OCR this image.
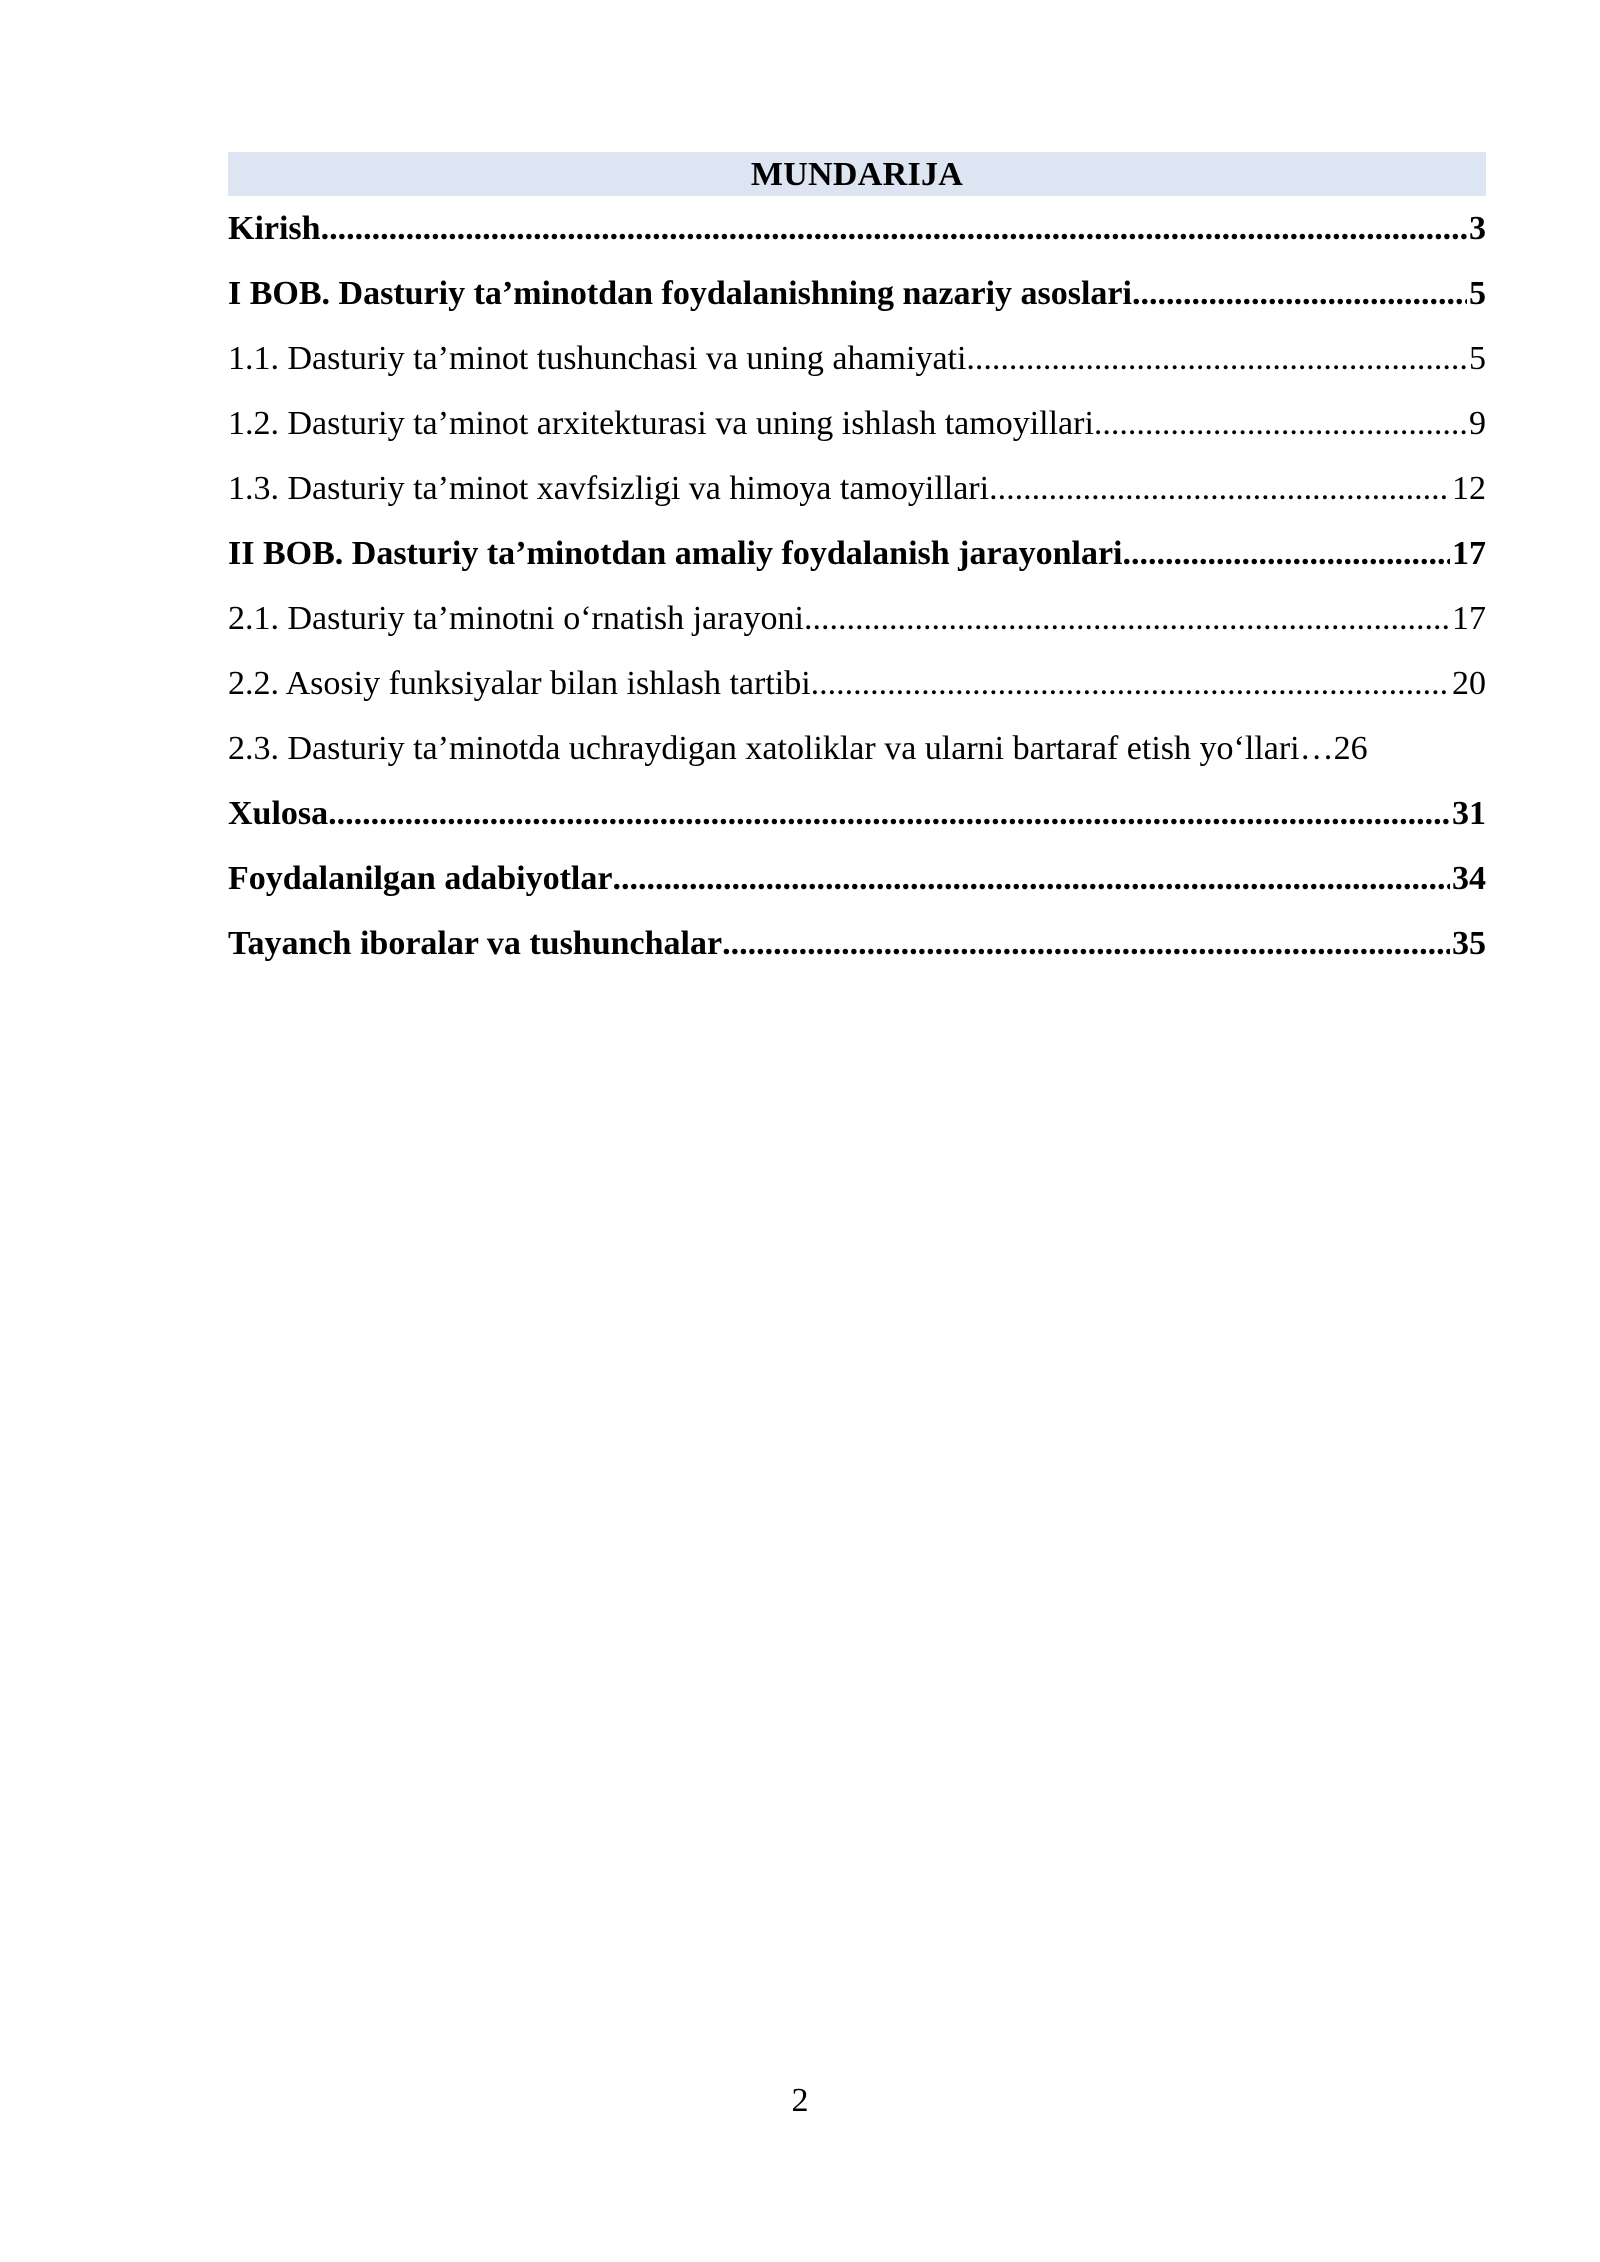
MUNDARIJA
Kirish .....	3
I BOB. Dasturiy ta’minotdan foydalanishning nazariy asoslari .....	5
1.1. Dasturiy ta’minot tushunchasi va uning ahamiyati .....	5
1.2. Dasturiy ta’minot arxitekturasi va uning ishlash tamoyillari .....	9
1.3. Dasturiy ta’minot xavfsizligi va himoya tamoyillari .....	12
II BOB. Dasturiy ta’minotdan amaliy foydalanish jarayonlari .....	17
2.1. Dasturiy ta’minotni o‘rnatish jarayoni .....	17
2.2. Asosiy funksiyalar bilan ishlash tartibi .....	20
2.3. Dasturiy ta’minotda uchraydigan xatoliklar va ularni bartaraf etish yo‘llari… 26
Xulosa .....	31
Foydalanilgan adabiyotlar .....	34
Tayanch iboralar va tushunchalar .....	35
2
